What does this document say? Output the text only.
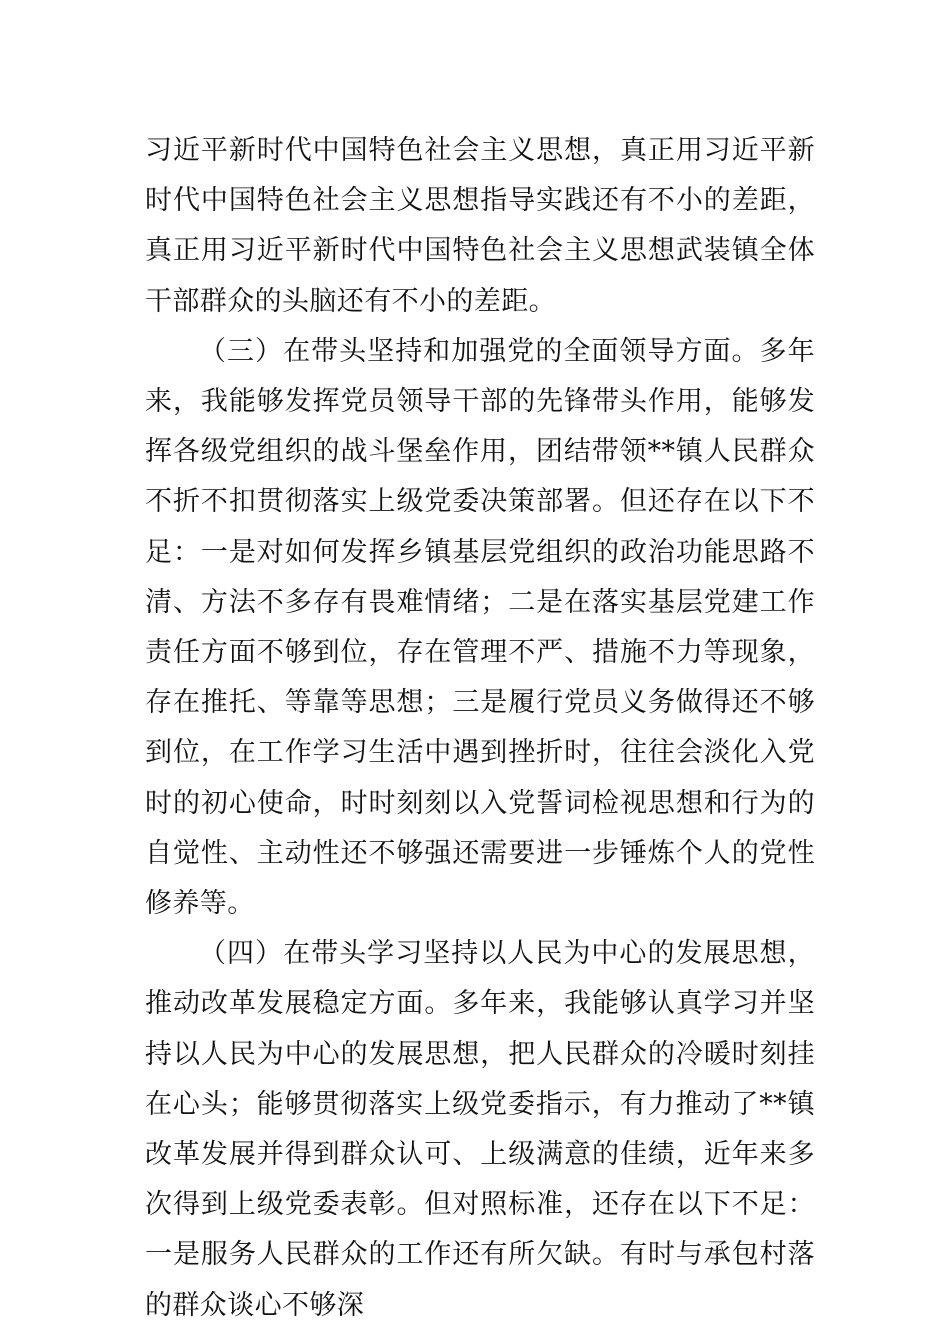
习近平新时代中国特色社会主义思想，真正用习近平新时代中国特色社会主义思想指导实践还有不小的差距，真正用习近平新时代中国特色社会主义思想武装镇全体干部群众的头脑还有不小的差距。

（三）在带头坚持和加强党的全面领导方面。多年来，我能够发挥党员领导干部的先锋带头作用，能够发挥各级党组织的战斗堡垒作用，团结带领**镇人民群众不折不扣贯彻落实上级党委决策部署。但还存在以下不足：一是对如何发挥乡镇基层党组织的政治功能思路不清、方法不多存有畏难情绪；二是在落实基层党建工作责任方面不够到位，存在管理不严、措施不力等现象，存在推托、等靠等思想；三是履行党员义务做得还不够到位，在工作学习生活中遇到挫折时，往往会淡化入党时的初心使命，时时刻刻以入党誓词检视思想和行为的自觉性、主动性还不够强还需要进一步锤炼个人的党性修养等。

（四）在带头学习坚持以人民为中心的发展思想，推动改革发展稳定方面。多年来，我能够认真学习并坚持以人民为中心的发展思想，把人民群众的冷暖时刻挂在心头；能够贯彻落实上级党委指示，有力推动了**镇改革发展并得到群众认可、上级满意的佳绩，近年来多次得到上级党委表彰。但对照标准，还存在以下不足：一是服务人民群众的工作还有所欠缺。有时与承包村落的群众谈心不够深
